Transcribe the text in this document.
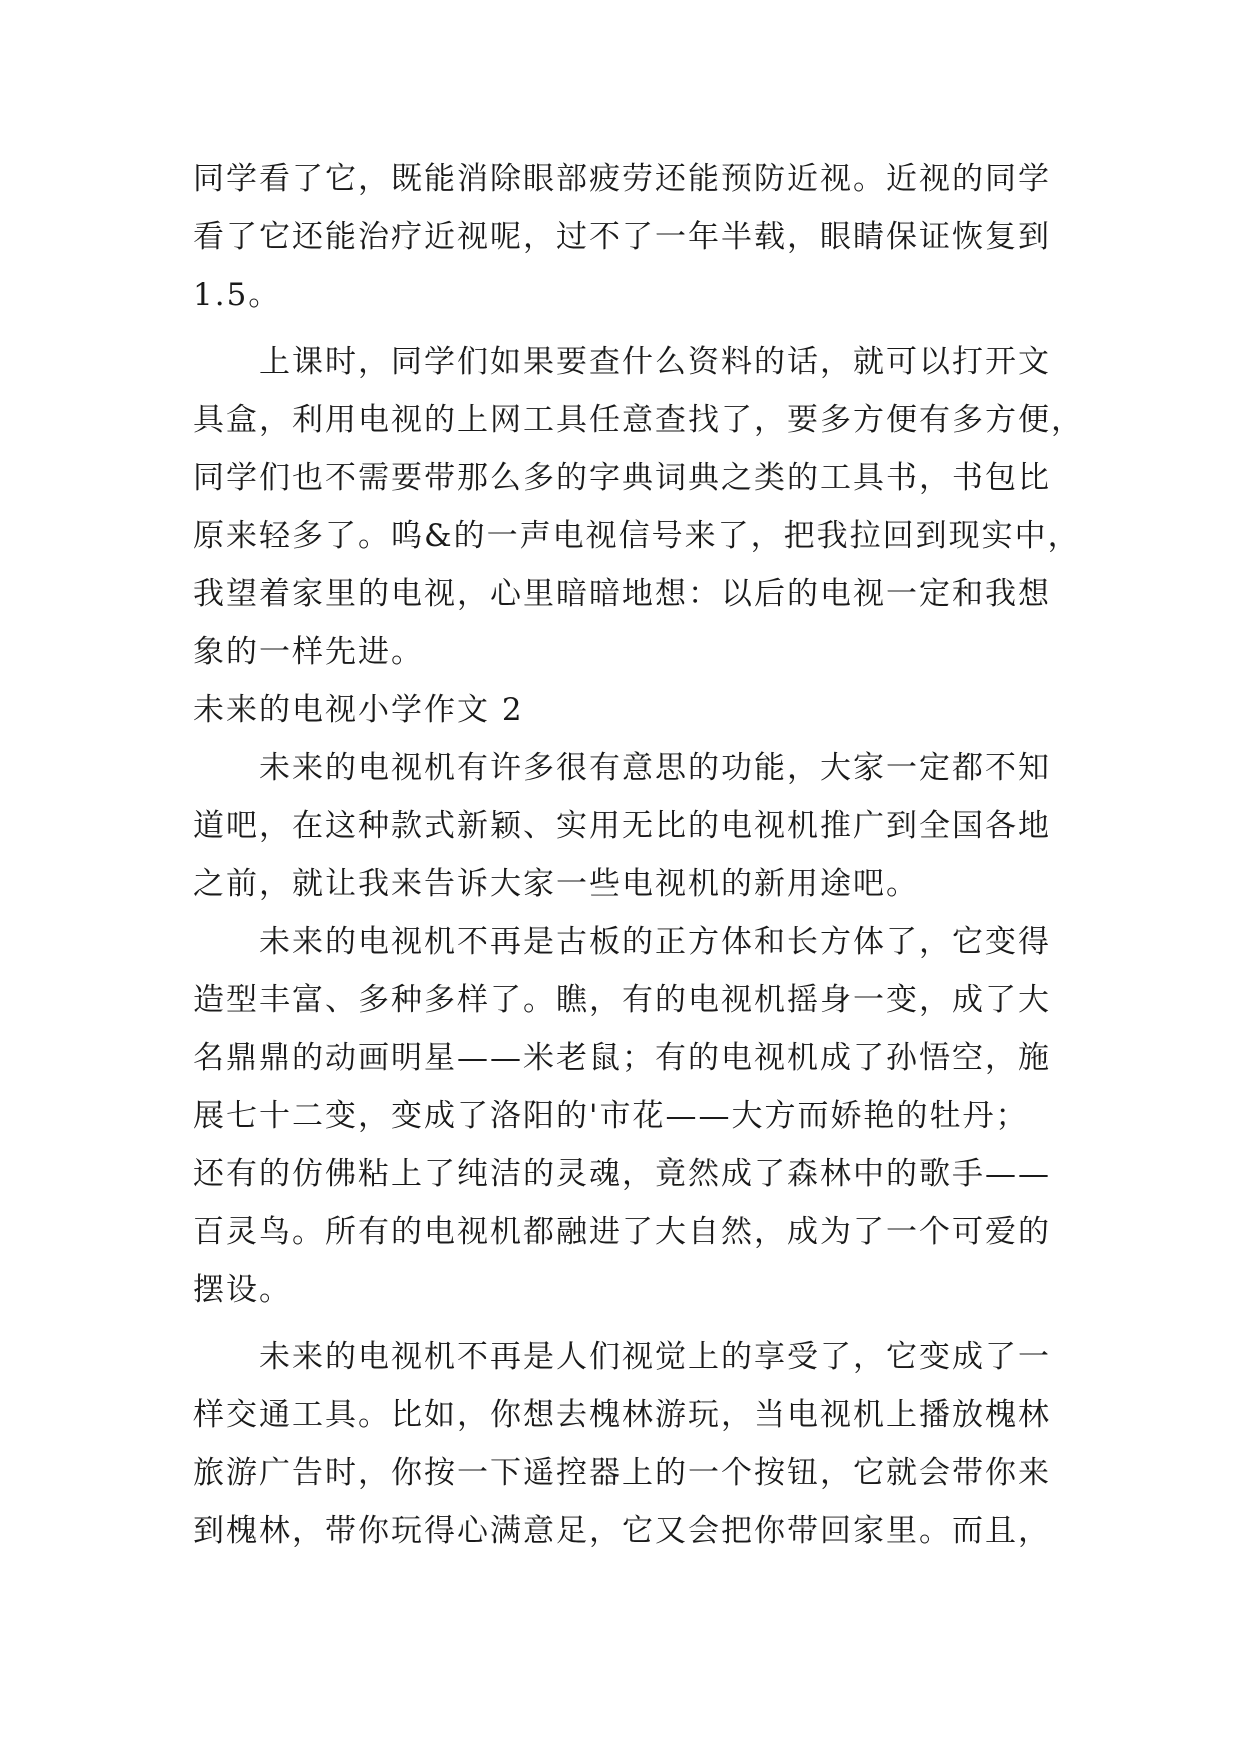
同学看了它，既能消除眼部疲劳还能预防近视。近视的同学
看了它还能治疗近视呢，过不了一年半载，眼睛保证恢复到
1.5。
上课时，同学们如果要查什么资料的话，就可以打开文
具盒，利用电视的上网工具任意查找了，要多方便有多方便，
同学们也不需要带那么多的字典词典之类的工具书，书包比
原来轻多了。呜&的一声电视信号来了，把我拉回到现实中，
我望着家里的电视，心里暗暗地想：以后的电视一定和我想
象的一样先进。
未来的电视小学作文 2
未来的电视机有许多很有意思的功能，大家一定都不知
道吧，在这种款式新颖、实用无比的电视机推广到全国各地
之前，就让我来告诉大家一些电视机的新用途吧。
未来的电视机不再是古板的正方体和长方体了，它变得
造型丰富、多种多样了。瞧，有的电视机摇身一变，成了大
名鼎鼎的动画明星——米老鼠；有的电视机成了孙悟空，施
展七十二变，变成了洛阳的'市花——大方而娇艳的牡丹；
还有的仿佛粘上了纯洁的灵魂，竟然成了森林中的歌手——
百灵鸟。所有的电视机都融进了大自然，成为了一个可爱的
摆设。
未来的电视机不再是人们视觉上的享受了，它变成了一
样交通工具。比如，你想去槐林游玩，当电视机上播放槐林
旅游广告时，你按一下遥控器上的一个按钮，它就会带你来
到槐林，带你玩得心满意足，它又会把你带回家里。而且，
